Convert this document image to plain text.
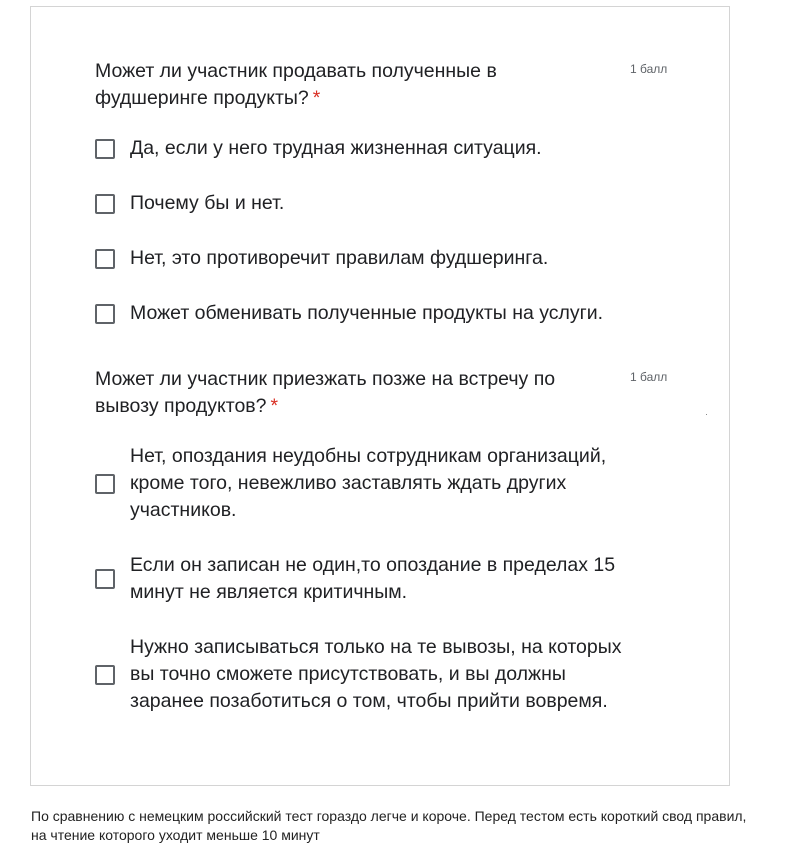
Может ли участник продавать полученные в фудшеринге продукты? *
1 балл
Да, если у него трудная жизненная ситуация.
Почему бы и нет.
Нет, это противоречит правилам фудшеринга.
Может обменивать полученные продукты на услуги.
Может ли участник приезжать позже на встречу по вывозу продуктов? *
1 балл
Нет, опоздания неудобны сотрудникам организаций, кроме того, невежливо заставлять ждать других участников.
Если он записан не один,то опоздание в пределах 15 минут не является критичным.
Нужно записываться только на те вывозы, на которых вы точно сможете присутствовать, и вы должны заранее позаботиться о том, чтобы прийти вовремя.
По сравнению с немецким российский тест гораздо легче и короче. Перед тестом есть короткий свод правил, на чтение которого уходит меньше 10 минут
